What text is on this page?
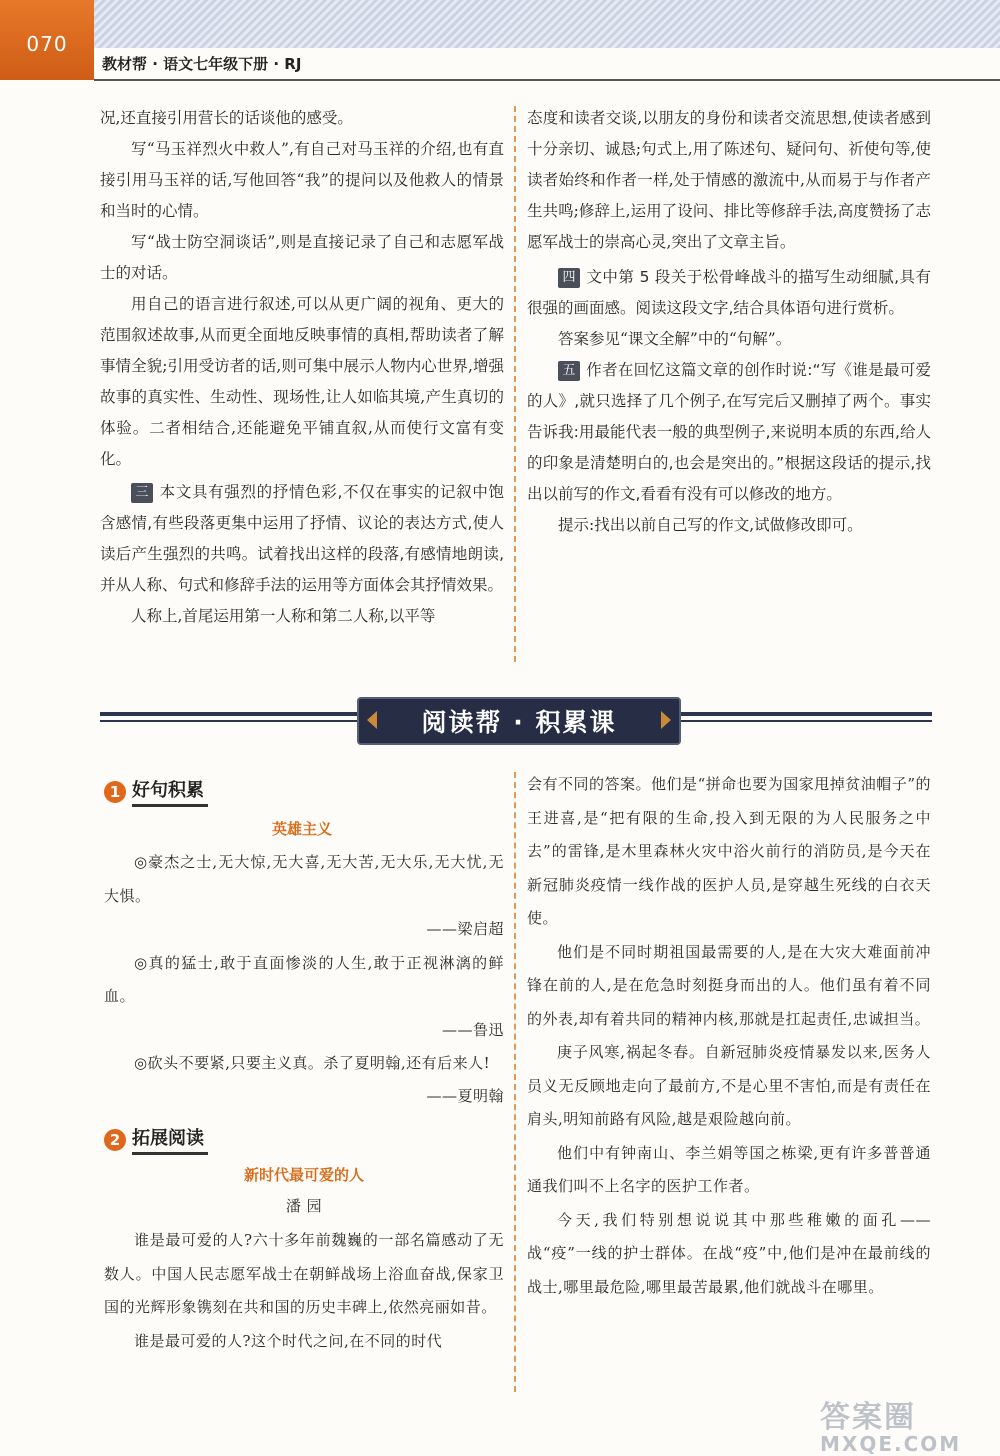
070
教材帮 · 语文七年级下册 · RJ

况,还直接引用营长的话谈他的感受。

写“马玉祥烈火中救人”,有自己对马玉祥的介绍,也有直接引用马玉祥的话,写他回答“我”的提问以及他救人的情景和当时的心情。

写“战士防空洞谈话”,则是直接记录了自己和志愿军战士的对话。

用自己的语言进行叙述,可以从更广阔的视角、更大的范围叙述故事,从而更全面地反映事情的真相,帮助读者了解事情全貌;引用受访者的话,则可集中展示人物内心世界,增强故事的真实性、生动性、现场性,让人如临其境,产生真切的体验。二者相结合,还能避免平铺直叙,从而使行文富有变化。

三 本文具有强烈的抒情色彩,不仅在事实的记叙中饱含感情,有些段落更集中运用了抒情、议论的表达方式,使人读后产生强烈的共鸣。试着找出这样的段落,有感情地朗读,并从人称、句式和修辞手法的运用等方面体会其抒情效果。

人称上,首尾运用第一人称和第二人称,以平等

态度和读者交谈,以朋友的身份和读者交流思想,使读者感到十分亲切、诚恳;句式上,用了陈述句、疑问句、祈使句等,使读者始终和作者一样,处于情感的激流中,从而易于与作者产生共鸣;修辞上,运用了设问、排比等修辞手法,高度赞扬了志愿军战士的崇高心灵,突出了文章主旨。

四 文中第 5 段关于松骨峰战斗的描写生动细腻,具有很强的画面感。阅读这段文字,结合具体语句进行赏析。

答案参见“课文全解”中的“句解”。

五 作者在回忆这篇文章的创作时说:“写《谁是最可爱的人》,就只选择了几个例子,在写完后又删掉了两个。事实告诉我:用最能代表一般的典型例子,来说明本质的东西,给人的印象是清楚明白的,也会是突出的。”根据这段话的提示,找出以前写的作文,看看有没有可以修改的地方。

提示:找出以前自己写的作文,试做修改即可。

阅读帮 · 积累课
1 好句积累
英雄主义

◎豪杰之士,无大惊,无大喜,无大苦,无大乐,无大忧,无大惧。

——梁启超

◎真的猛士,敢于直面惨淡的人生,敢于正视淋漓的鲜血。

——鲁迅

◎砍头不要紧,只要主义真。杀了夏明翰,还有后来人!

——夏明翰
2 拓展阅读
新时代最可爱的人
潘 园

谁是最可爱的人?六十多年前魏巍的一部名篇感动了无数人。中国人民志愿军战士在朝鲜战场上浴血奋战,保家卫国的光辉形象镌刻在共和国的历史丰碑上,依然亮丽如昔。

谁是最可爱的人?这个时代之问,在不同的时代

会有不同的答案。他们是“拼命也要为国家甩掉贫油帽子”的王进喜,是“把有限的生命,投入到无限的为人民服务之中去”的雷锋,是木里森林火灾中浴火前行的消防员,是今天在新冠肺炎疫情一线作战的医护人员,是穿越生死线的白衣天使。

他们是不同时期祖国最需要的人,是在大灾大难面前冲锋在前的人,是在危急时刻挺身而出的人。他们虽有着不同的外表,却有着共同的精神内核,那就是扛起责任,忠诚担当。

庚子风寒,祸起冬春。自新冠肺炎疫情暴发以来,医务人员义无反顾地走向了最前方,不是心里不害怕,而是有责任在肩头,明知前路有风险,越是艰险越向前。

他们中有钟南山、李兰娟等国之栋梁,更有许多普普通通我们叫不上名字的医护工作者。

今天,我们特别想说说其中那些稚嫩的面孔——战“疫”一线的护士群体。在战“疫”中,他们是冲在最前线的战士,哪里最危险,哪里最苦最累,他们就战斗在哪里。

答案圈
MXQE.COM
